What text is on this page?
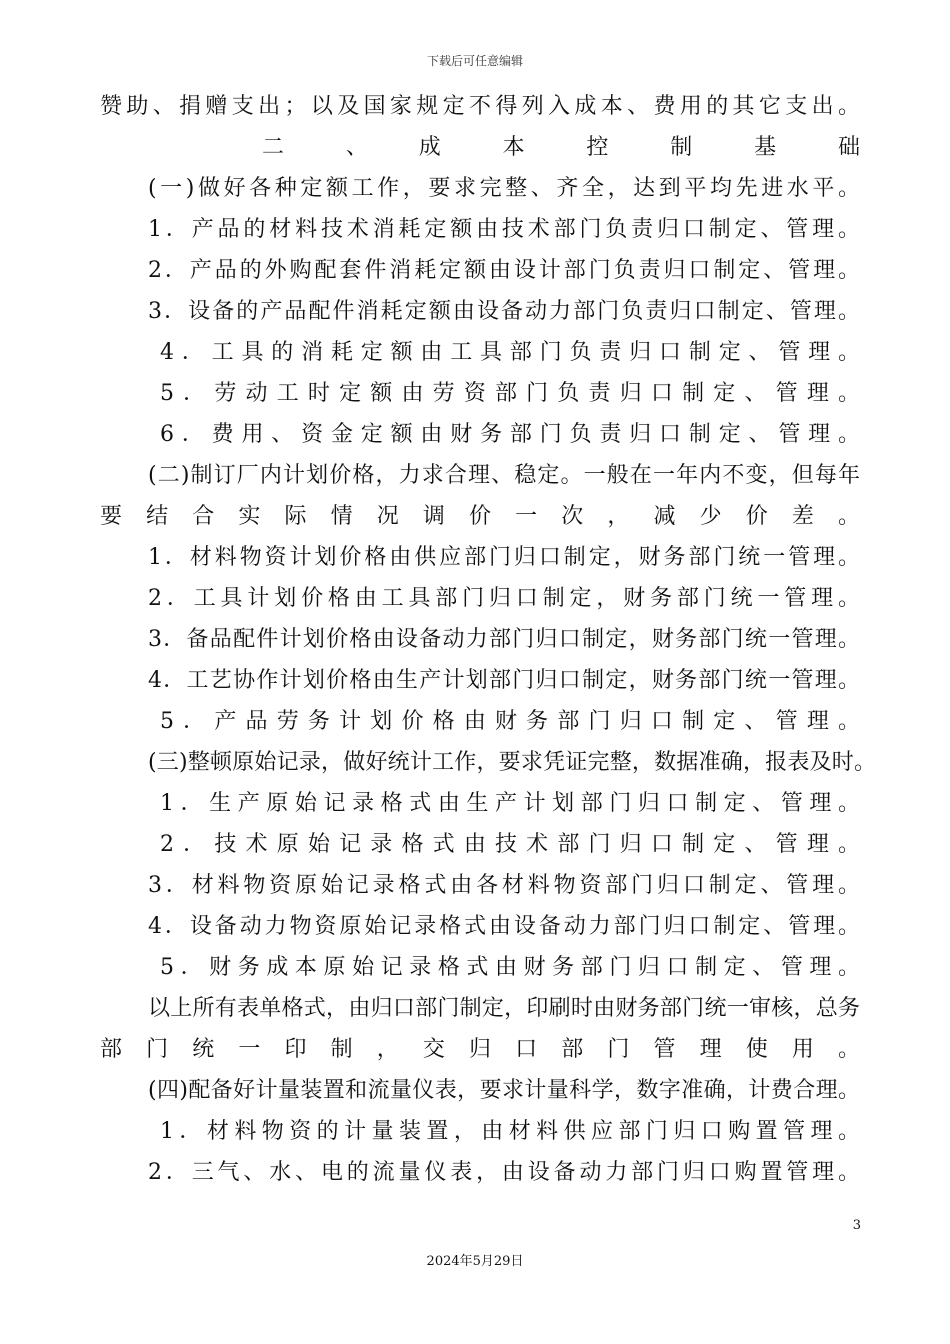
下载后可任意编辑
赞助、捐赠支出；以及国家规定不得列入成本、费用的其它支出。
二　、　成　本　控　制　基　础
(一)做好各种定额工作，要求完整、齐全，达到平均先进水平。
1．产品的材料技术消耗定额由技术部门负责归口制定、管理。
2．产品的外购配套件消耗定额由设计部门负责归口制定、管理。
3．设备的产品配件消耗定额由设备动力部门负责归口制定、管理。
4．工具的消耗定额由工具部门负责归口制定、管理。
5．劳动工时定额由劳资部门负责归口制定、管理。
6．费用、资金定额由财务部门负责归口制定、管理。
(二)制订厂内计划价格，力求合理、稳定。一般在一年内不变，但每年
要结合实际情况调价一次，减少价差。
1．材料物资计划价格由供应部门归口制定，财务部门统一管理。
2．工具计划价格由工具部门归口制定，财务部门统一管理。
3．备品配件计划价格由设备动力部门归口制定，财务部门统一管理。
4．工艺协作计划价格由生产计划部门归口制定，财务部门统一管理。
5．产品劳务计划价格由财务部门归口制定、管理。
(三)整顿原始记录，做好统计工作，要求凭证完整，数据准确，报表及时。
1．生产原始记录格式由生产计划部门归口制定、管理。
2．技术原始记录格式由技术部门归口制定、管理。
3．材料物资原始记录格式由各材料物资部门归口制定、管理。
4．设备动力物资原始记录格式由设备动力部门归口制定、管理。
5．财务成本原始记录格式由财务部门归口制定、管理。
以上所有表单格式，由归口部门制定，印刷时由财务部门统一审核，总务
部门统一印制，交归口部门管理使用。
(四)配备好计量装置和流量仪表，要求计量科学，数字准确，计费合理。
1．材料物资的计量装置，由材料供应部门归口购置管理。
2．三气、水、电的流量仪表，由设备动力部门归口购置管理。
3
2024年5月29日
